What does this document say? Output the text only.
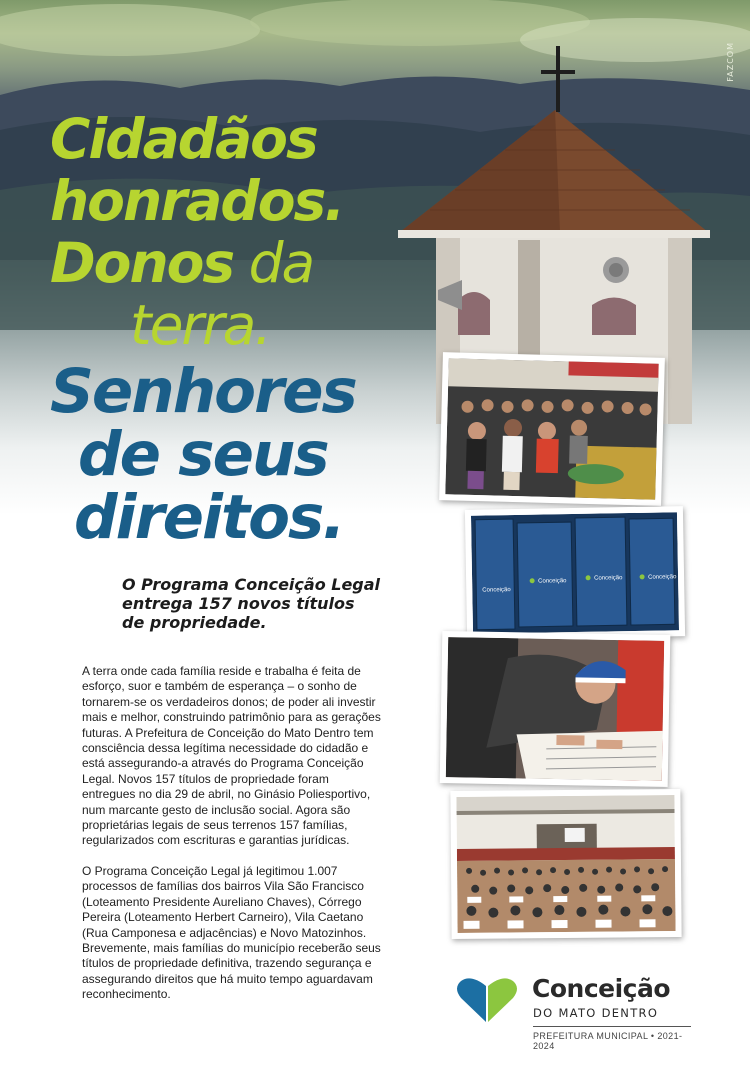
FAZCOM
Cidadãos
honrados.
Donos da
terra.
Senhores
de seus
direitos.
O Programa Conceição Legal
entrega 157 novos títulos
de propriedade.

A terra onde cada família reside e trabalha é feita de esforço, suor e também de esperança – o sonho de tornarem-se os verdadeiros donos; de poder ali investir mais e melhor, construindo patrimônio para as gerações futuras. A Prefeitura de Conceição do Mato Dentro tem consciência dessa legítima necessidade do cidadão e está assegurando-a através do Programa Conceição Legal. Novos 157 títulos de propriedade foram entregues no dia 29 de abril, no Ginásio Poliesportivo, num marcante gesto de inclusão social. Agora são proprietárias legais de seus terrenos 157 famílias, regularizados com escrituras e garantias jurídicas.

O Programa Conceição Legal já legitimou 1.007 processos de famílias dos bairros Vila São Francisco (Loteamento Presidente Aureliano Chaves), Córrego Pereira (Loteamento Herbert Carneiro), Vila Caetano (Rua Camponesa e adjacências) e Novo Matozinhos. Brevemente, mais famílias do município receberão seus títulos de propriedade definitiva, trazendo segurança e assegurando direitos que há muito tempo aguardavam reconhecimento.

Conceição
Conceição	Conceição	Conceição
Conceição
DO MATO DENTRO
PREFEITURA MUNICIPAL • 2021-2024
